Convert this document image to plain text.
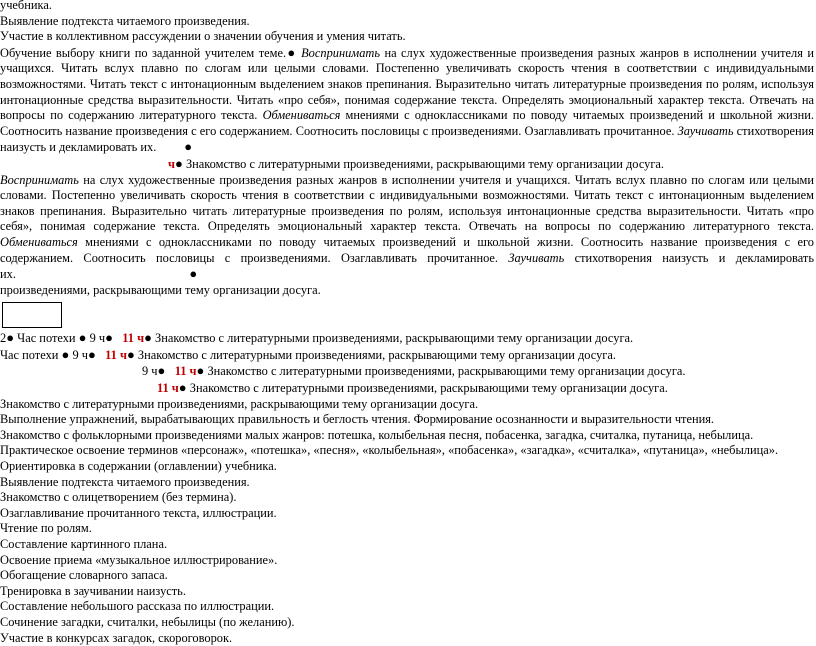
учебника.
Выявление подтекста читаемого произведения.
Участие в коллективном рассуждении о значении обучения и умения читать.
Обучение выбору книги по заданной учителем теме.● Воспринимать на слух художественные произведения разных жанров в исполнении учителя и учащихся. Читать вслух плавно по слогам или целыми словами. Постепенно увеличивать скорость чтения в соответствии с индивидуальными возможностями. Читать текст с интонационным выделением знаков препинания. Выразительно читать литературные произведения по ролям, используя интонационные средства выразительности. Читать «про себя», понимая содержание текста. Определять эмоциональный характер текста. Отвечать на вопросы по содержанию литературного текста. Обмениваться мнениями с одноклассниками по поводу читаемых произведений и школьной жизни. Соотносить название произведения с его содержанием. Соотносить пословицы с произведениями. Озаглавливать прочитанное. Заучивать стихотворения наизусть и декламировать их. ●
ч● Знакомство с литературными произведениями, раскрывающими тему организации досуга.
Воспринимать на слух художественные произведения разных жанров в исполнении учителя и учащихся. Читать вслух плавно по слогам или целыми словами. Постепенно увеличивать скорость чтения в соответствии с индивидуальными возможностями. Читать текст с интонационным выделением знаков препинания. Выразительно читать литературные произведения по ролям, используя интонационные средства выразительности. Читать «про себя», понимая содержание текста. Определять эмоциональный характер текста. Отвечать на вопросы по содержанию литературного текста. Обмениваться мнениями с одноклассниками по поводу читаемых произведений и школьной жизни. Соотносить название произведения с его содержанием. Соотносить пословицы с произведениями. Озаглавливать прочитанное. Заучивать стихотворения наизусть и декламировать их.	●
произведениями, раскрывающими тему организации досуга.
2● Час потехи ● 9 ч● 11 ч● Знакомство с литературными произведениями, раскрывающими тему организации досуга.
Час потехи ● 9 ч● 11 ч● Знакомство с литературными произведениями, раскрывающими тему организации досуга.
9 ч● 11 ч● Знакомство с литературными произведениями, раскрывающими тему организации досуга.
11 ч● Знакомство с литературными произведениями, раскрывающими тему организации досуга.
Знакомство с литературными произведениями, раскрывающими тему организации досуга.
Выполнение упражнений, вырабатывающих правильность и беглость чтения. Формирование осознанности и выразительности чтения.
Знакомство с фольклорными произведениями малых жанров: потешка, колыбельная песня, побасенка, загадка, считалка, путаница, небылица.
Практическое освоение терминов «персонаж», «потешка», «песня», «колыбельная», «побасенка», «загадка», «считалка», «путаница», «небылица».
Ориентировка в содержании (оглавлении) учебника.
Выявление подтекста читаемого произведения.
Знакомство с олицетворением (без термина).
Озаглавливание прочитанного текста, иллюстрации.
Чтение по ролям.
Составление картинного плана.
Освоение приема «музыкальное иллюстрирование».
Обогащение словарного запаса.
Тренировка в заучивании наизусть.
Составление небольшого рассказа по иллюстрации.
Сочинение загадки, считалки, небылицы (по желанию).
Участие в конкурсах загадок, скороговорок.
